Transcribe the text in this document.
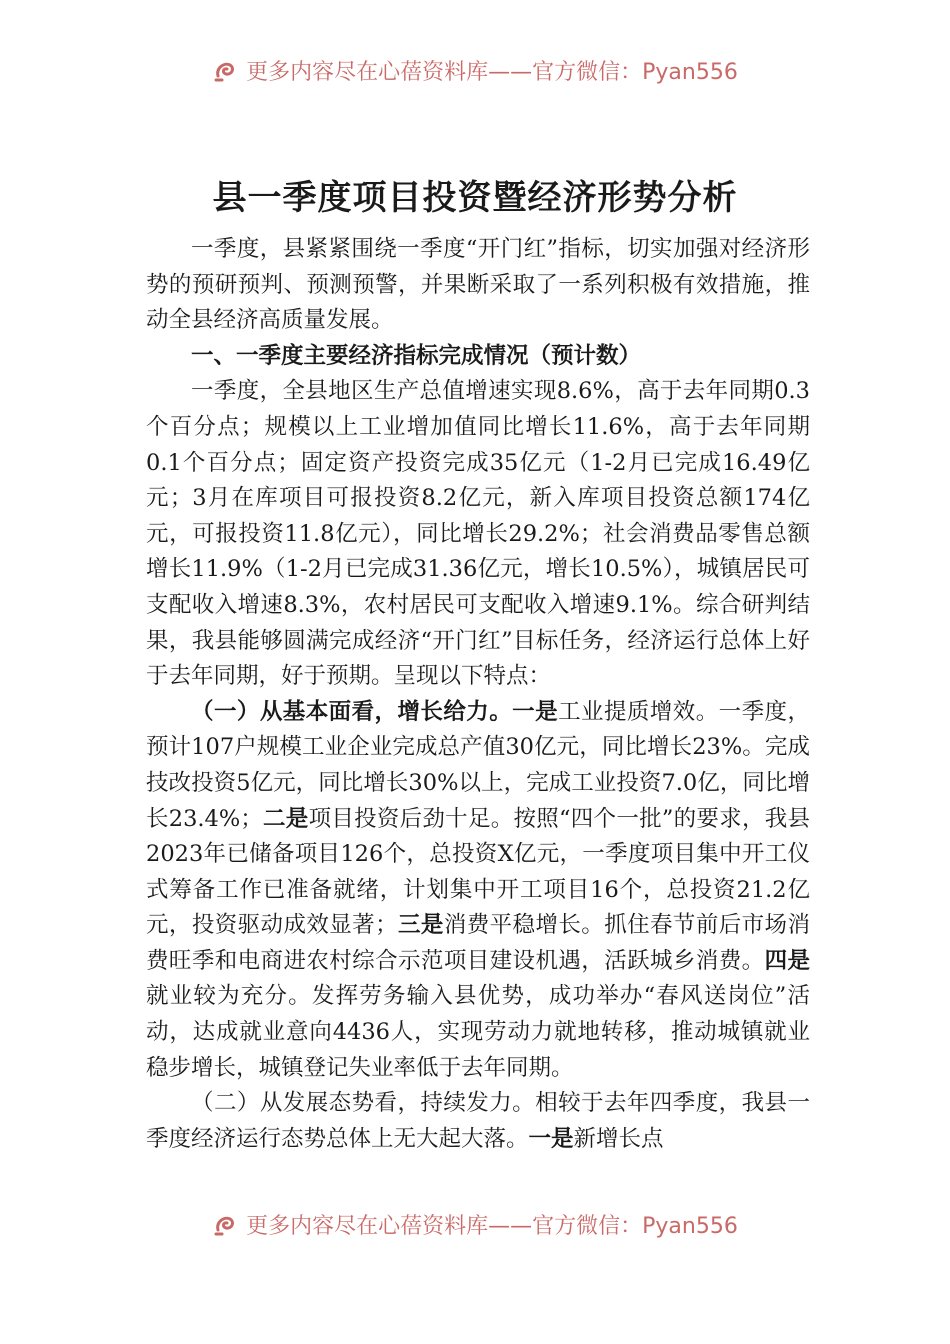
更多内容尽在心蓓资料库——官方微信：Pyan556
县一季度项目投资暨经济形势分析

一季度，县紧紧围绕一季度“开门红”指标，切实加强对经济形势的预研预判、预测预警，并果断采取了一系列积极有效措施，推动全县经济高质量发展。

一、一季度主要经济指标完成情况（预计数）

一季度，全县地区生产总值增速实现8.6%，高于去年同期0.3个百分点；规模以上工业增加值同比增长11.6%，高于去年同期0.1个百分点；固定资产投资完成35亿元（1-2月已完成16.49亿元；3月在库项目可报投资8.2亿元，新入库项目投资总额174亿元，可报投资11.8亿元），同比增长29.2%；社会消费品零售总额增长11.9%（1-2月已完成31.36亿元，增长10.5%），城镇居民可支配收入增速8.3%，农村居民可支配收入增速9.1%。综合研判结果，我县能够圆满完成经济“开门红”目标任务，经济运行总体上好于去年同期，好于预期。呈现以下特点：

（一）从基本面看，增长给力。一是工业提质增效。一季度，预计107户规模工业企业完成总产值30亿元，同比增长23%。完成技改投资5亿元，同比增长30%以上，完成工业投资7.0亿，同比增长23.4%；二是项目投资后劲十足。按照“四个一批”的要求，我县2023年已储备项目126个，总投资X亿元，一季度项目集中开工仪式筹备工作已准备就绪，计划集中开工项目16个，总投资21.2亿元，投资驱动成效显著；三是消费平稳增长。抓住春节前后市场消费旺季和电商进农村综合示范项目建设机遇，活跃城乡消费。四是就业较为充分。发挥劳务输入县优势，成功举办“春风送岗位”活动，达成就业意向4436人，实现劳动力就地转移，推动城镇就业稳步增长，城镇登记失业率低于去年同期。

（二）从发展态势看，持续发力。相较于去年四季度，我县一季度经济运行态势总体上无大起大落。一是新增长点

更多内容尽在心蓓资料库——官方微信：Pyan556
